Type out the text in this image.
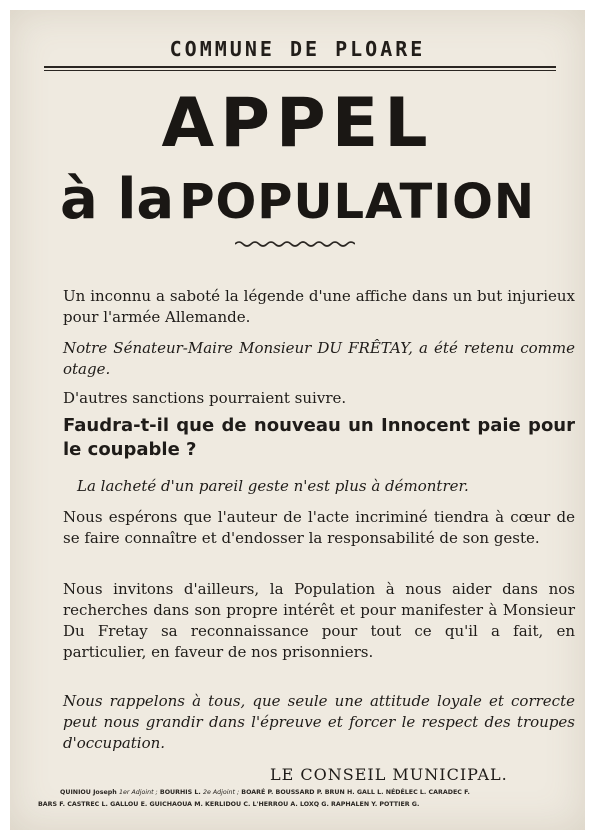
COMMUNE DE PLOARE
APPEL
à la POPULATION

Un inconnu a saboté la légende d'une affiche dans un but injurieux pour l'armée Allemande.

Notre Sénateur-Maire Monsieur DU FRÊTAY, a été retenu comme otage.

D'autres sanctions pourraient suivre.

Faudra-t-il que de nouveau un Innocent paie pour le coupable ?

La lacheté d'un pareil geste n'est plus à démontrer.

Nous espérons que l'auteur de l'acte incriminé tiendra à cœur de se faire connaître et d'endosser la responsabilité de son geste.

Nous invitons d'ailleurs, la Population à nous aider dans nos recherches dans son propre intérêt et pour manifester à Monsieur Du Fretay sa reconnaissance pour tout ce qu'il a fait, en particulier, en faveur de nos prisonniers.

Nous rappelons à tous, que seule une attitude loyale et correcte peut nous grandir dans l'épreuve et forcer le respect des troupes d'occupation.

LE CONSEIL MUNICIPAL.
QUINIOU Joseph 1er Adjoint ; BOURHIS L. 2e Adjoint ; BOARÉ P. BOUSSARD P. BRUN H. GALL L. NÉDÉLEC L. CARADEC F.
BARS F. CASTREC L. GALLOU E. GUICHAOUA M. KERLIDOU C. L'HERROU A. LOXQ G. RAPHALEN Y. POTTIER G.
